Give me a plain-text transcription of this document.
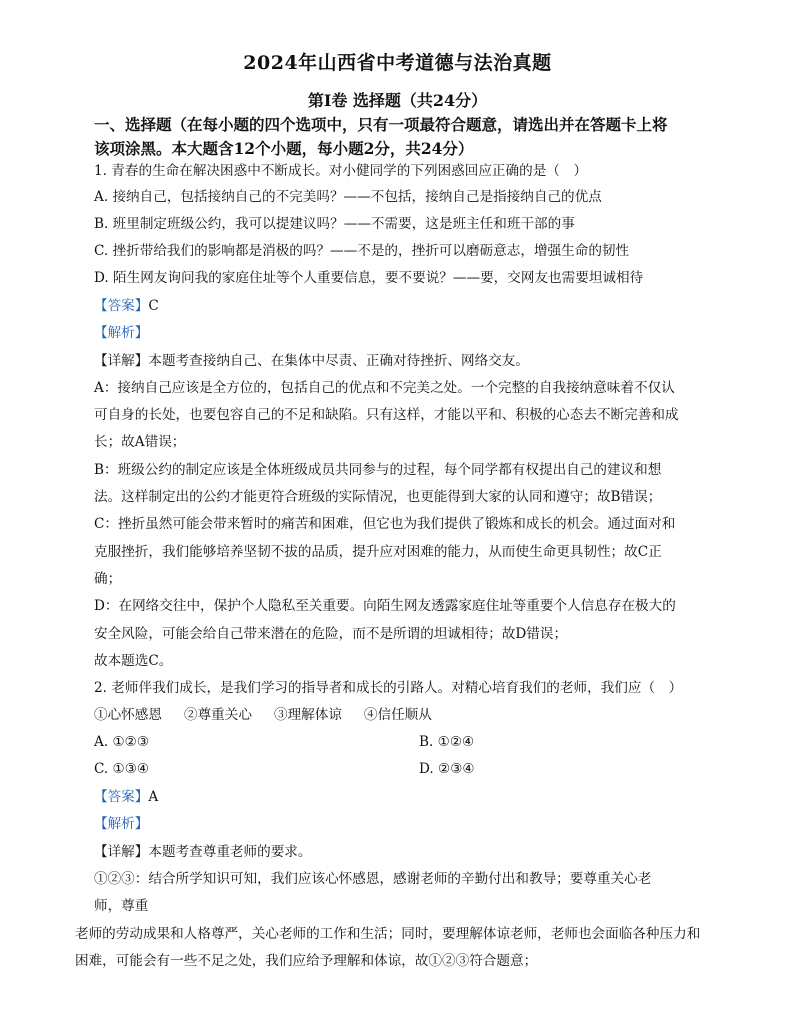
2024年山西省中考道德与法治真题
第Ⅰ卷 选择题（共24分）
一、选择题（在每小题的四个选项中，只有一项最符合题意，请选出并在答题卡上将
该项涂黑。本大题含12个小题，每小题2分，共24分）
1. 青春的生命在解决困惑中不断成长。对小健同学的下列困惑回应正确的是（　）
A. 接纳自己，包括接纳自己的不完美吗？——不包括，接纳自己是指接纳自己的优点
B. 班里制定班级公约，我可以提建议吗？——不需要，这是班主任和班干部的事
C. 挫折带给我们的影响都是消极的吗？——不是的，挫折可以磨砺意志，增强生命的韧性
D. 陌生网友询问我的家庭住址等个人重要信息，要不要说？——要，交网友也需要坦诚相待
【答案】C
【解析】
【详解】本题考查接纳自己、在集体中尽责、正确对待挫折、网络交友。
A：接纳自己应该是全方位的，包括自己的优点和不完美之处。一个完整的自我接纳意味着不仅认
可自身的长处，也要包容自己的不足和缺陷。只有这样，才能以平和、积极的心态去不断完善和成
长；故A错误；
B：班级公约的制定应该是全体班级成员共同参与的过程，每个同学都有权提出自己的建议和想
法。这样制定出的公约才能更符合班级的实际情况，也更能得到大家的认同和遵守；故B错误；
C：挫折虽然可能会带来暂时的痛苦和困难，但它也为我们提供了锻炼和成长的机会。通过面对和
克服挫折，我们能够培养坚韧不拔的品质，提升应对困难的能力，从而使生命更具韧性；故C正
确；
D：在网络交往中，保护个人隐私至关重要。向陌生网友透露家庭住址等重要个人信息存在极大的
安全风险，可能会给自己带来潜在的危险，而不是所谓的坦诚相待；故D错误；
故本题选C。
2. 老师伴我们成长，是我们学习的指导者和成长的引路人。对精心培育我们的老师，我们应（　）
①心怀感恩 ②尊重关心 ③理解体谅 ④信任顺从
A. ①②③	B. ①②④
C. ①③④	D. ②③④
【答案】A
【解析】
【详解】本题考查尊重老师的要求。
①②③：结合所学知识可知，我们应该心怀感恩，感谢老师的辛勤付出和教导；要尊重关心老
师，尊重
老师的劳动成果和人格尊严，关心老师的工作和生活；同时，要理解体谅老师，老师也会面临各种压力和
困难，可能会有一些不足之处，我们应给予理解和体谅，故①②③符合题意；
